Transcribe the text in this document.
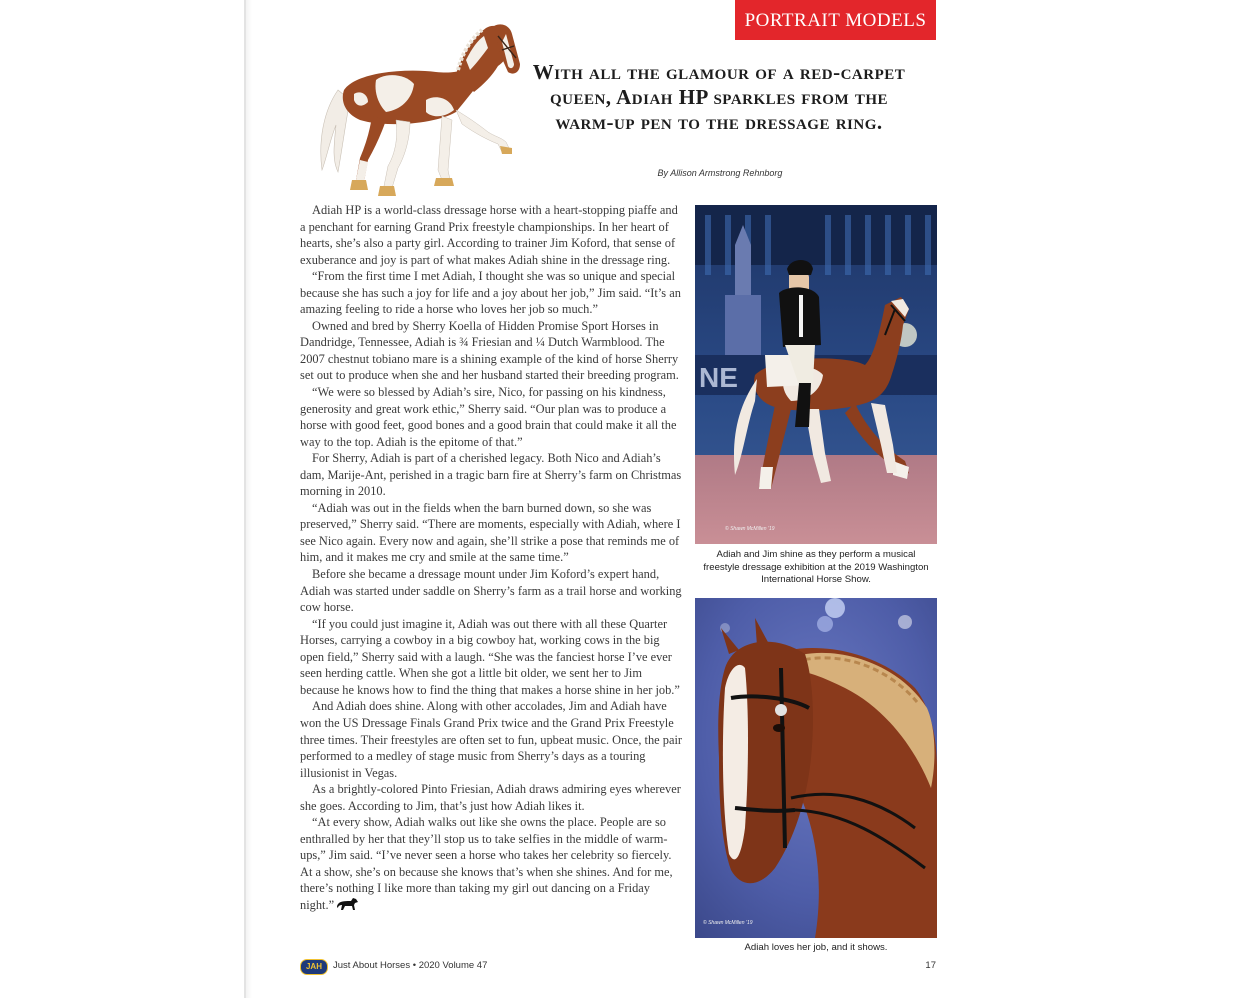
PORTRAIT MODELS
With all the glamour of a red-carpet queen, Adiah HP sparkles from the warm-up pen to the dressage ring.
By Allison Armstrong Rehnborg

Adiah HP is a world-class dressage horse with a heart-stopping piaffe and a penchant for earning Grand Prix freestyle championships. In her heart of hearts, she’s also a party girl. According to trainer Jim Koford, that sense of exuberance and joy is part of what makes Adiah shine in the dressage ring.

“From the first time I met Adiah, I thought she was so unique and special because she has such a joy for life and a joy about her job,” Jim said. “It’s an amazing feeling to ride a horse who loves her job so much.”

Owned and bred by Sherry Koella of Hidden Promise Sport Horses in Dandridge, Tennessee, Adiah is ¾ Friesian and ¼ Dutch Warmblood. The 2007 chestnut tobiano mare is a shining example of the kind of horse Sherry set out to produce when she and her husband started their breeding program.

“We were so blessed by Adiah’s sire, Nico, for passing on his kindness, generosity and great work ethic,” Sherry said. “Our plan was to produce a horse with good feet, good bones and a good brain that could make it all the way to the top. Adiah is the epitome of that.”

For Sherry, Adiah is part of a cherished legacy. Both Nico and Adiah’s dam, Marije-Ant, perished in a tragic barn fire at Sherry’s farm on Christmas morning in 2010.

“Adiah was out in the fields when the barn burned down, so she was preserved,” Sherry said. “There are moments, especially with Adiah, where I see Nico again. Every now and again, she’ll strike a pose that reminds me of him, and it makes me cry and smile at the same time.”

Before she became a dressage mount under Jim Koford’s expert hand, Adiah was started under saddle on Sherry’s farm as a trail horse and working cow horse.

“If you could just imagine it, Adiah was out there with all these Quarter Horses, carrying a cowboy in a big cowboy hat, working cows in the big open field,” Sherry said with a laugh. “She was the fanciest horse I’ve ever seen herding cattle. When she got a little bit older, we sent her to Jim because he knows how to find the thing that makes a horse shine in her job.”

And Adiah does shine. Along with other accolades, Jim and Adiah have won the US Dressage Finals Grand Prix twice and the Grand Prix Freestyle three times. Their freestyles are often set to fun, upbeat music. Once, the pair performed to a medley of stage music from Sherry’s days as a touring illusionist in Vegas.

As a brightly-colored Pinto Friesian, Adiah draws admiring eyes wherever she goes. According to Jim, that’s just how Adiah likes it.

“At every show, Adiah walks out like she owns the place. People are so enthralled by her that they’ll stop us to take selfies in the middle of warm-ups,” Jim said. “I’ve never seen a horse who takes her celebrity so fiercely. At a show, she’s on because she knows that’s when she shines. And for me, there’s nothing I like more than taking my girl out dancing on a Friday night.”

NE
© Shawn McMillen ’19
Adiah and Jim shine as they perform a musical freestyle dressage exhibition at the 2019 Washington International Horse Show.
© Shawn McMillen ’19
Adiah loves her job, and it shows.
JAH	Just About Horses • 2020 Volume 47	17
